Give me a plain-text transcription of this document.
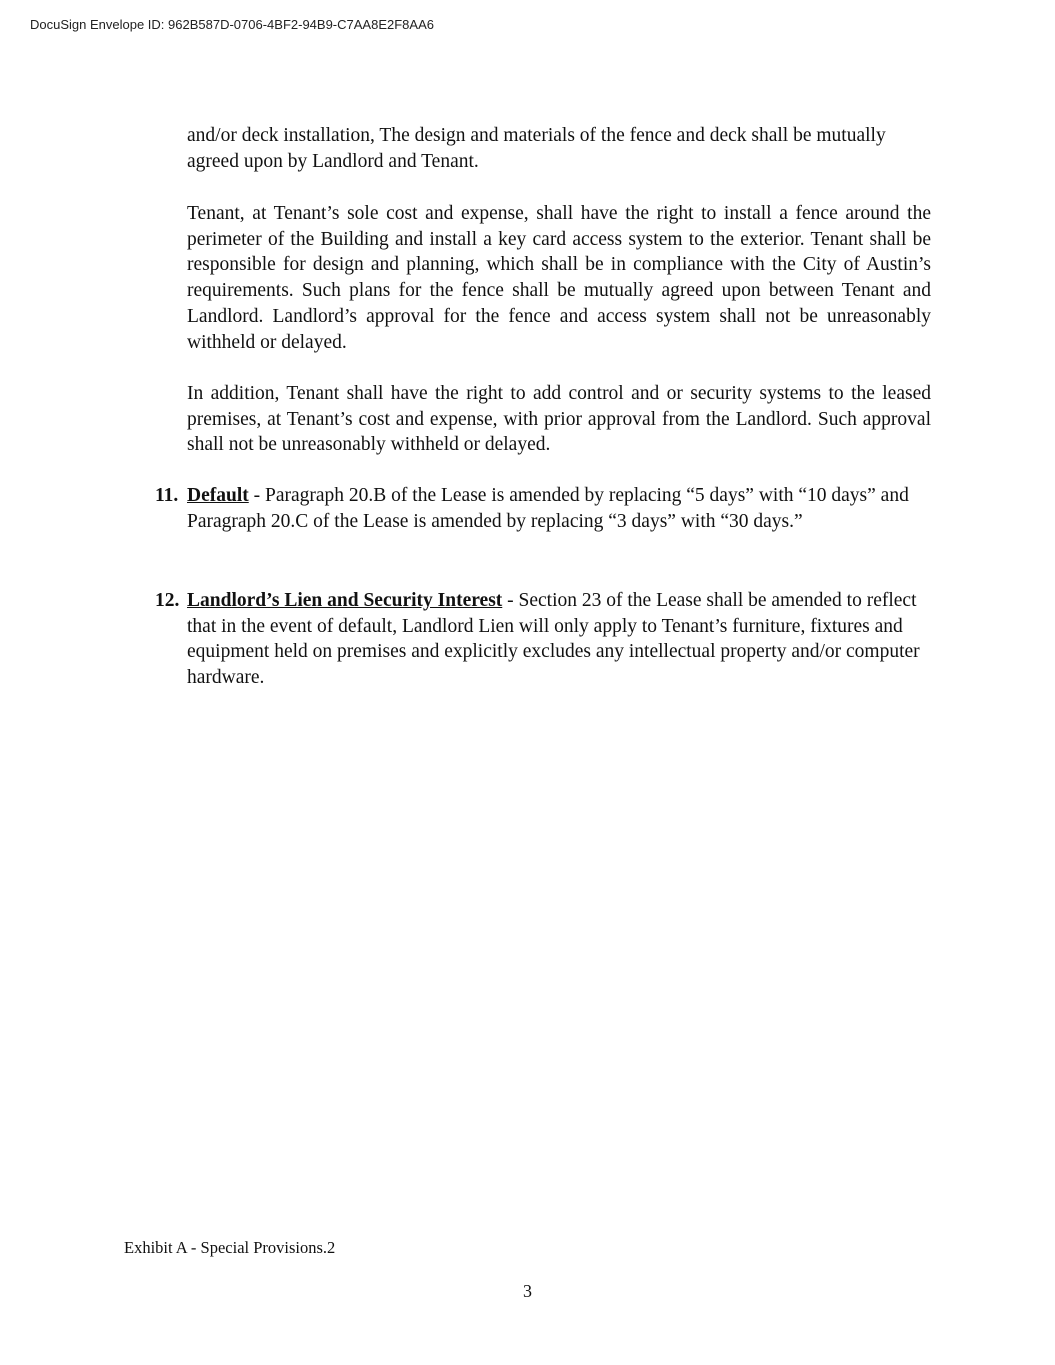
DocuSign Envelope ID: 962B587D-0706-4BF2-94B9-C7AA8E2F8AA6

and/or deck installation, The design and materials of the fence and deck shall be mutually agreed upon by Landlord and Tenant.

Tenant, at Tenant’s sole cost and expense, shall have the right to install a fence around the perimeter of the Building and install a key card access system to the exterior. Tenant shall be responsible for design and planning, which shall be in compliance with the City of Austin’s requirements. Such plans for the fence shall be mutually agreed upon between Tenant and Landlord. Landlord’s approval for the fence and access system shall not be unreasonably withheld or delayed.

In addition, Tenant shall have the right to add control and or security systems to the leased premises, at Tenant’s cost and expense, with prior approval from the Landlord. Such approval shall not be unreasonably withheld or delayed.

11. Default - Paragraph 20.B of the Lease is amended by replacing “5 days” with “10 days” and Paragraph 20.C of the Lease is amended by replacing “3 days” with “30 days.”
12. Landlord’s Lien and Security Interest - Section 23 of the Lease shall be amended to reflect that in the event of default, Landlord Lien will only apply to Tenant’s furniture, fixtures and equipment held on premises and explicitly excludes any intellectual property and/or computer hardware.
Exhibit A - Special Provisions.2
3
